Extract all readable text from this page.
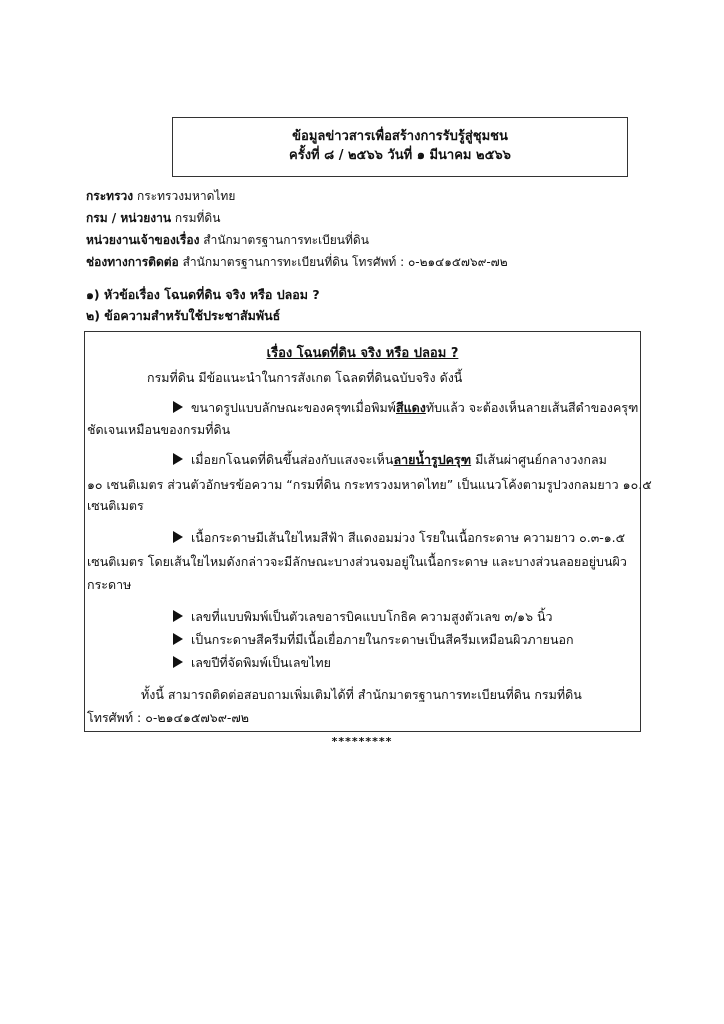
ข้อมูลข่าวสารเพื่อสร้างการรับรู้สู่ชุมชน
ครั้งที่ ๘ / ๒๕๖๖ วันที่ ๑ มีนาคม ๒๕๖๖
กระทรวง กระทรวงมหาดไทย
กรม / หน่วยงาน กรมที่ดิน
หน่วยงานเจ้าของเรื่อง สำนักมาตรฐานการทะเบียนที่ดิน
ช่องทางการติดต่อ สำนักมาตรฐานการทะเบียนที่ดิน โทรศัพท์ : ๐-๒๑๔๑๕๗๖๙-๗๒
๑) หัวข้อเรื่อง โฉนดที่ดิน จริง หรือ ปลอม ?
๒) ข้อความสำหรับใช้ประชาสัมพันธ์
เรื่อง โฉนดที่ดิน จริง หรือ ปลอม ?
กรมที่ดิน มีข้อแนะนำในการสังเกต โฉลดที่ดินฉบับจริง ดังนี้
ขนาดรูปแบบลักษณะของครุฑเมื่อพิมพ์สีแดงทับแล้ว จะต้องเห็นลายเส้นสีดำของครุฑ
ชัดเจนเหมือนของกรมที่ดิน
เมื่อยกโฉนดที่ดินขึ้นส่องกับแสงจะเห็นลายน้ำรูปครุฑ มีเส้นผ่าศูนย์กลางวงกลม
๑๐ เซนติเมตร ส่วนตัวอักษรข้อความ “กรมที่ดิน กระทรวงมหาดไทย” เป็นแนวโค้งตามรูปวงกลมยาว ๑๐.๕
เซนติเมตร
เนื้อกระดาษมีเส้นใยไหมสีฟ้า สีแดงอมม่วง โรยในเนื้อกระดาษ ความยาว ๐.๓-๑.๕
เซนติเมตร โดยเส้นใยไหมดังกล่าวจะมีลักษณะบางส่วนจมอยู่ในเนื้อกระดาษ และบางส่วนลอยอยู่บนผิว
กระดาษ
เลขที่แบบพิมพ์เป็นตัวเลขอารบิคแบบโกธิค ความสูงตัวเลข ๓/๑๖ นิ้ว
เป็นกระดาษสีครีมที่มีเนื้อเยื่อภายในกระดาษเป็นสีครีมเหมือนผิวภายนอก
เลขปีที่จัดพิมพ์เป็นเลขไทย
ทั้งนี้ สามารถติดต่อสอบถามเพิ่มเติมได้ที่ สำนักมาตรฐานการทะเบียนที่ดิน กรมที่ดิน
โทรศัพท์ : ๐-๒๑๔๑๕๗๖๙-๗๒
*********
